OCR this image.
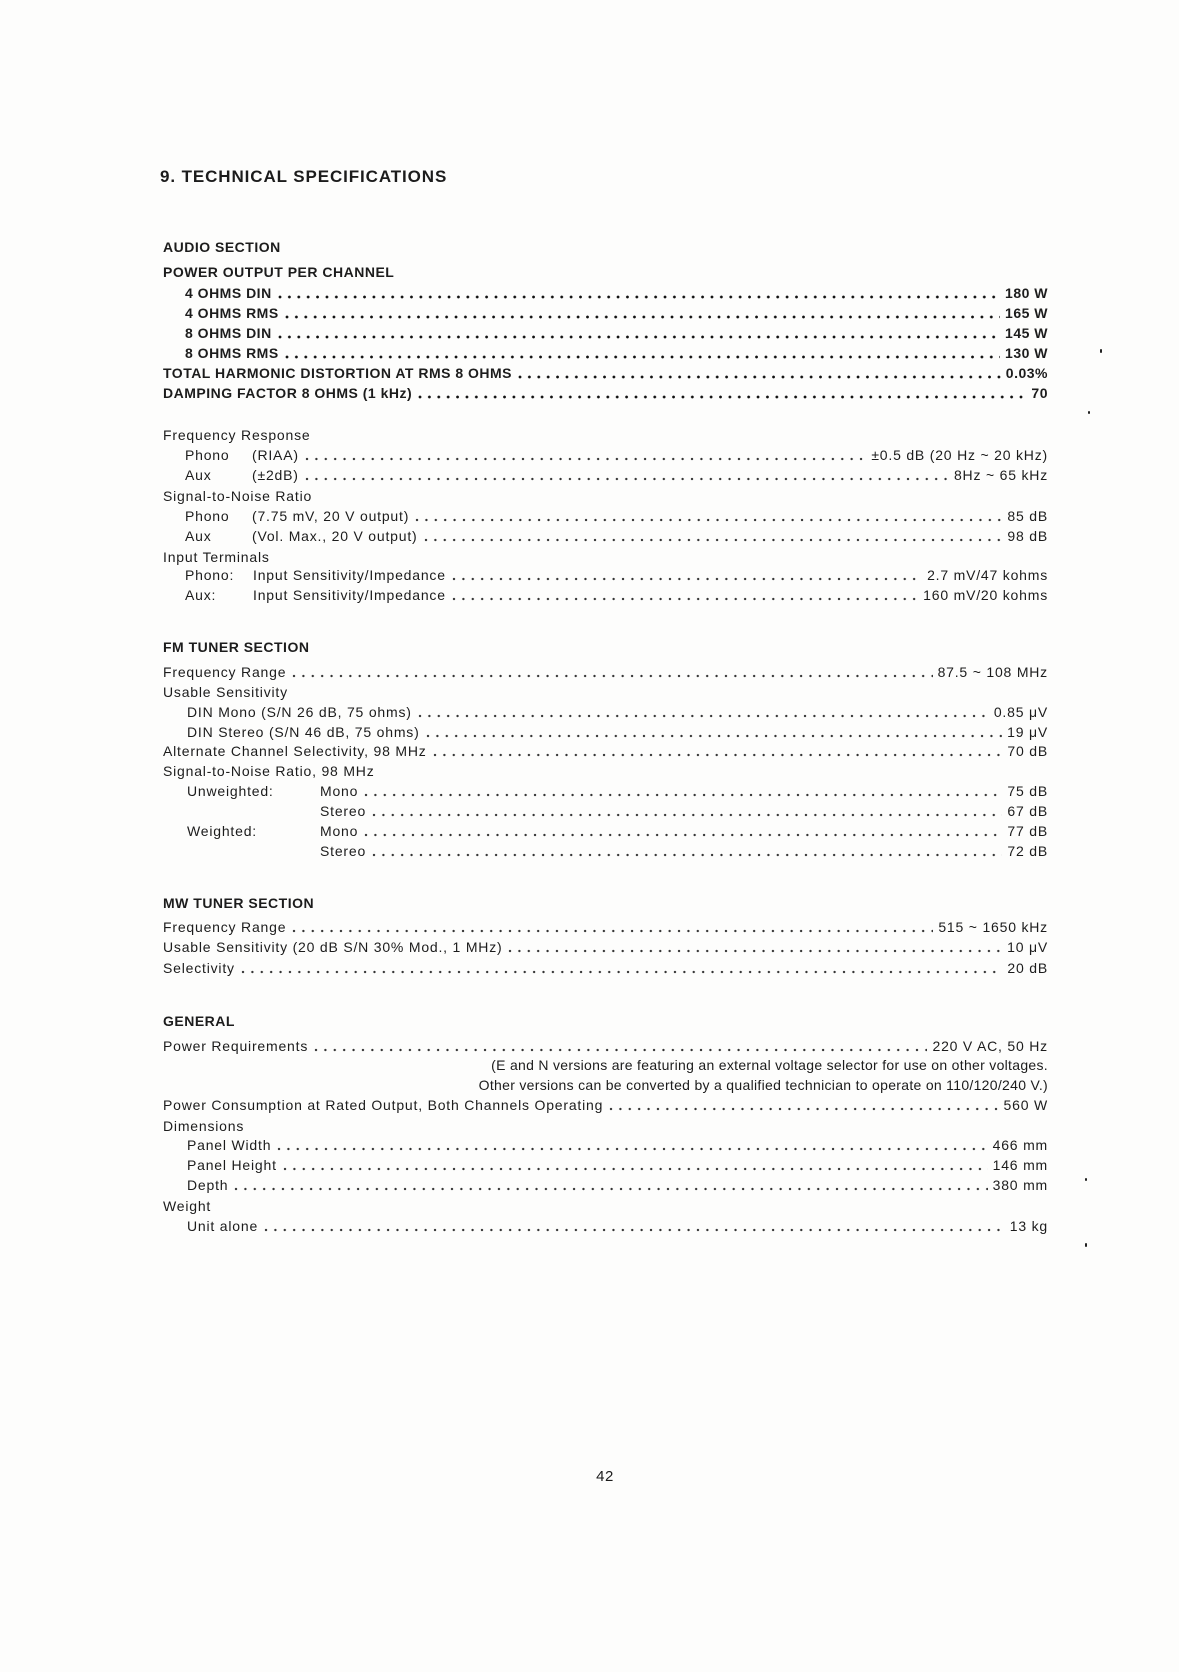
9. TECHNICAL SPECIFICATIONS
AUDIO SECTION
POWER OUTPUT PER CHANNEL
4 OHMS DIN	180 W
4 OHMS RMS	165 W
8 OHMS DIN	145 W
8 OHMS RMS	130 W
TOTAL HARMONIC DISTORTION AT RMS 8 OHMS	0.03%
DAMPING FACTOR 8 OHMS (1 kHz)	70
Frequency Response
Phono	(RIAA)	±0.5 dB (20 Hz ~ 20 kHz)
Aux	(±2dB)	8Hz ~ 65 kHz
Signal-to-Noise Ratio
Phono	(7.75 mV, 20 V output)	85 dB
Aux	(Vol. Max., 20 V output)	98 dB
Input Terminals
Phono:	Input Sensitivity/Impedance	2.7 mV/47 kohms
Aux:	Input Sensitivity/Impedance	160 mV/20 kohms
FM TUNER SECTION
Frequency Range	87.5 ~ 108 MHz
Usable Sensitivity
DIN Mono (S/N 26 dB, 75 ohms)	0.85 μV
DIN Stereo (S/N 46 dB, 75 ohms)	19 μV
Alternate Channel Selectivity, 98 MHz	70 dB
Signal-to-Noise Ratio, 98 MHz
Unweighted:	Mono	75 dB
Stereo	67 dB
Weighted:	Mono	77 dB
Stereo	72 dB
MW TUNER SECTION
Frequency Range	515 ~ 1650 kHz
Usable Sensitivity (20 dB S/N 30% Mod., 1 MHz)	10 μV
Selectivity	20 dB
GENERAL
Power Requirements	220 V AC, 50 Hz
(E and N versions are featuring an external voltage selector for use on other voltages.
Other versions can be converted by a qualified technician to operate on 110/120/240 V.)
Power Consumption at Rated Output, Both Channels Operating	560 W
Dimensions
Panel Width	466 mm
Panel Height	146 mm
Depth	380 mm
Weight
Unit alone	13 kg
42
